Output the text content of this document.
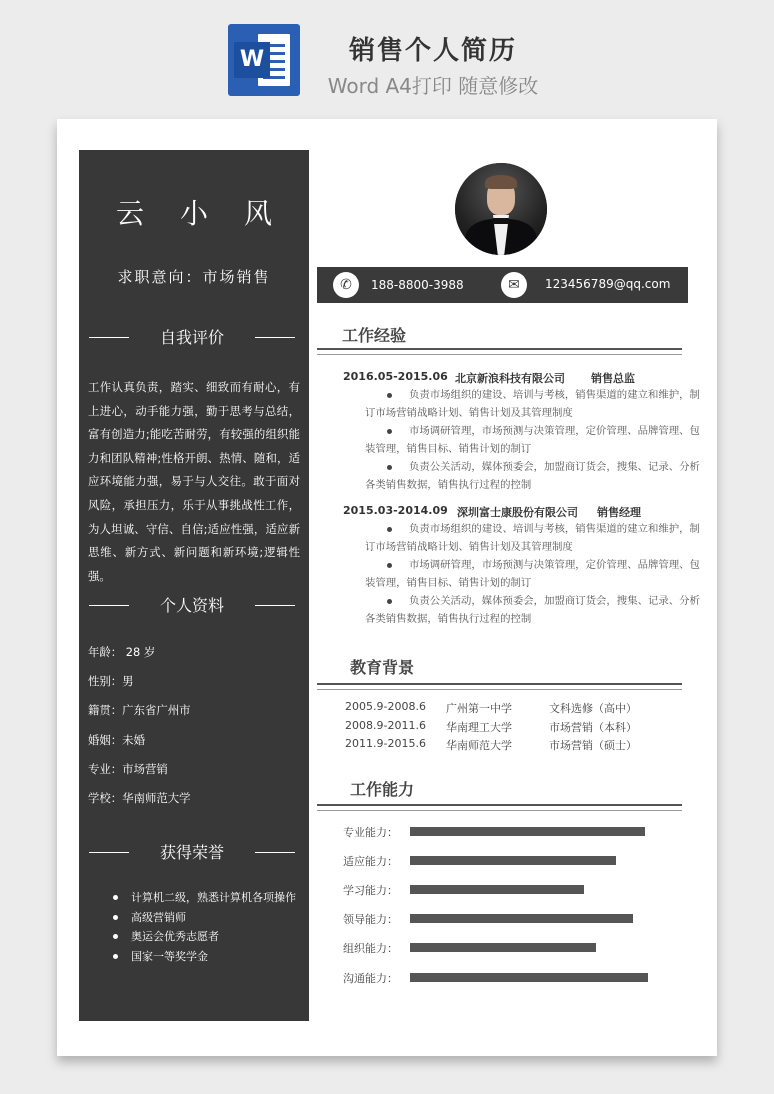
W	销售个人简历
Word A4打印 随意修改
云小风
求职意向：市场销售
自我评价
工作认真负责，踏实、细致而有耐心，有上进心，动手能力强，勤于思考与总结，富有创造力;能吃苦耐劳，有较强的组织能力和团队精神;性格开朗、热情、随和，适应环境能力强，易于与人交往。敢于面对风险，承担压力，乐于从事挑战性工作，为人坦诚、守信、自信;适应性强，适应新思维、新方式、新问题和新环境;逻辑性强。
个人资料
年龄： 28 岁
性别：男
籍贯：广东省广州市
婚姻：未婚
专业：市场营销
学校：华南师范大学
获得荣誉
计算机二级，熟悉计算机各项操作
高级营销师
奥运会优秀志愿者
国家一等奖学金
✆	188-8800-3988	✉	123456789@qq.com
工作经验
2016.05-2015.06 北京新浪科技有限公司 销售总监
负责市场组织的建设、培训与考核，销售渠道的建立和维护，制订市场营销战略计划、销售计划及其管理制度
市场调研管理，市场预测与决策管理，定价管理、品牌管理、包装管理，销售目标、销售计划的制订
负责公关活动，媒体预委会，加盟商订货会，搜集、记录、分析各类销售数据，销售执行过程的控制
2015.03-2014.09 深圳富士康股份有限公司 销售经理
负责市场组织的建设、培训与考核，销售渠道的建立和维护，制订市场营销战略计划、销售计划及其管理制度
市场调研管理，市场预测与决策管理，定价管理、品牌管理、包装管理，销售目标、销售计划的制订
负责公关活动，媒体预委会，加盟商订货会，搜集、记录、分析各类销售数据，销售执行过程的控制
教育背景
2005.9-2008.6 广州第一中学	文科选修（高中）
2008.9-2011.6 华南理工大学	市场营销（本科）
2011.9-2015.6 华南师范大学	市场营销（硕士）
工作能力
专业能力：
适应能力：
学习能力：
领导能力：
组织能力：
沟通能力：
